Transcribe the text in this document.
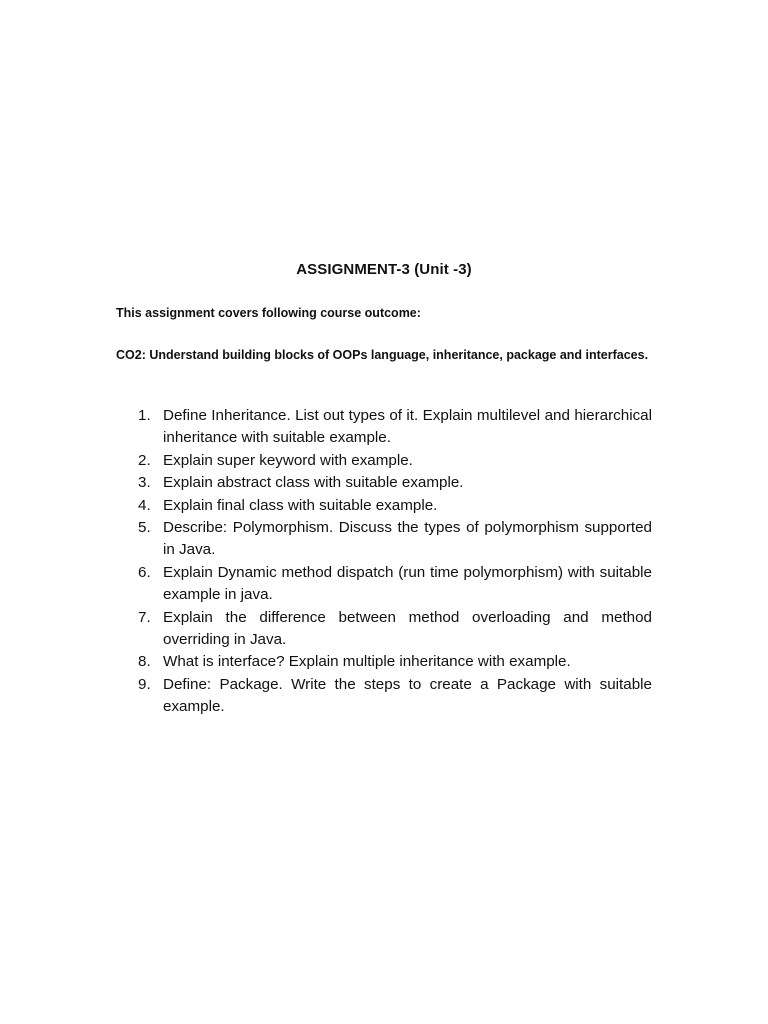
ASSIGNMENT-3 (Unit -3)
This assignment covers following course outcome:
CO2: Understand building blocks of OOPs language, inheritance, package and interfaces.
1. Define Inheritance. List out types of it. Explain multilevel and hierarchical inheritance with suitable example.
2. Explain super keyword with example.
3. Explain abstract class with suitable example.
4. Explain final class with suitable example.
5. Describe: Polymorphism. Discuss the types of polymorphism supported in Java.
6. Explain Dynamic method dispatch (run time polymorphism) with suitable example in java.
7. Explain the difference between method overloading and method overriding in Java.
8. What is interface? Explain multiple inheritance with example.
9. Define: Package. Write the steps to create a Package with suitable example.
